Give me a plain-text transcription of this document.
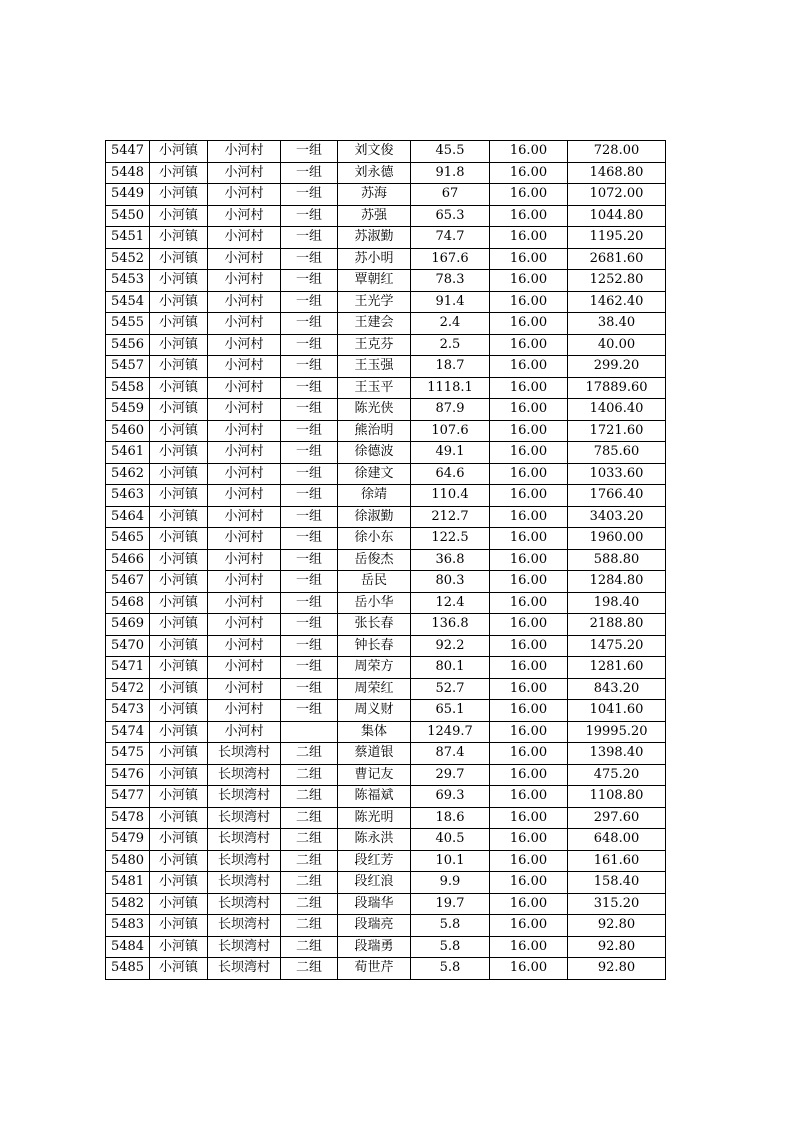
5447	小河镇	小河村	一组	刘文俊	45.5	16.00	728.00
5448	小河镇	小河村	一组	刘永德	91.8	16.00	1468.80
5449	小河镇	小河村	一组	苏海	67	16.00	1072.00
5450	小河镇	小河村	一组	苏强	65.3	16.00	1044.80
5451	小河镇	小河村	一组	苏淑勤	74.7	16.00	1195.20
5452	小河镇	小河村	一组	苏小明	167.6	16.00	2681.60
5453	小河镇	小河村	一组	覃朝红	78.3	16.00	1252.80
5454	小河镇	小河村	一组	王光学	91.4	16.00	1462.40
5455	小河镇	小河村	一组	王建会	2.4	16.00	38.40
5456	小河镇	小河村	一组	王克芬	2.5	16.00	40.00
5457	小河镇	小河村	一组	王玉强	18.7	16.00	299.20
5458	小河镇	小河村	一组	王玉平	1118.1	16.00	17889.60
5459	小河镇	小河村	一组	陈光侠	87.9	16.00	1406.40
5460	小河镇	小河村	一组	熊治明	107.6	16.00	1721.60
5461	小河镇	小河村	一组	徐德波	49.1	16.00	785.60
5462	小河镇	小河村	一组	徐建文	64.6	16.00	1033.60
5463	小河镇	小河村	一组	徐靖	110.4	16.00	1766.40
5464	小河镇	小河村	一组	徐淑勤	212.7	16.00	3403.20
5465	小河镇	小河村	一组	徐小东	122.5	16.00	1960.00
5466	小河镇	小河村	一组	岳俊杰	36.8	16.00	588.80
5467	小河镇	小河村	一组	岳民	80.3	16.00	1284.80
5468	小河镇	小河村	一组	岳小华	12.4	16.00	198.40
5469	小河镇	小河村	一组	张长春	136.8	16.00	2188.80
5470	小河镇	小河村	一组	钟长春	92.2	16.00	1475.20
5471	小河镇	小河村	一组	周荣方	80.1	16.00	1281.60
5472	小河镇	小河村	一组	周荣红	52.7	16.00	843.20
5473	小河镇	小河村	一组	周义财	65.1	16.00	1041.60
5474	小河镇	小河村		集体	1249.7	16.00	19995.20
5475	小河镇	长坝湾村	二组	蔡道银	87.4	16.00	1398.40
5476	小河镇	长坝湾村	二组	曹记友	29.7	16.00	475.20
5477	小河镇	长坝湾村	二组	陈福斌	69.3	16.00	1108.80
5478	小河镇	长坝湾村	二组	陈光明	18.6	16.00	297.60
5479	小河镇	长坝湾村	二组	陈永洪	40.5	16.00	648.00
5480	小河镇	长坝湾村	二组	段红芳	10.1	16.00	161.60
5481	小河镇	长坝湾村	二组	段红浪	9.9	16.00	158.40
5482	小河镇	长坝湾村	二组	段瑞华	19.7	16.00	315.20
5483	小河镇	长坝湾村	二组	段瑞亮	5.8	16.00	92.80
5484	小河镇	长坝湾村	二组	段瑞勇	5.8	16.00	92.80
5485	小河镇	长坝湾村	二组	荀世芹	5.8	16.00	92.80
